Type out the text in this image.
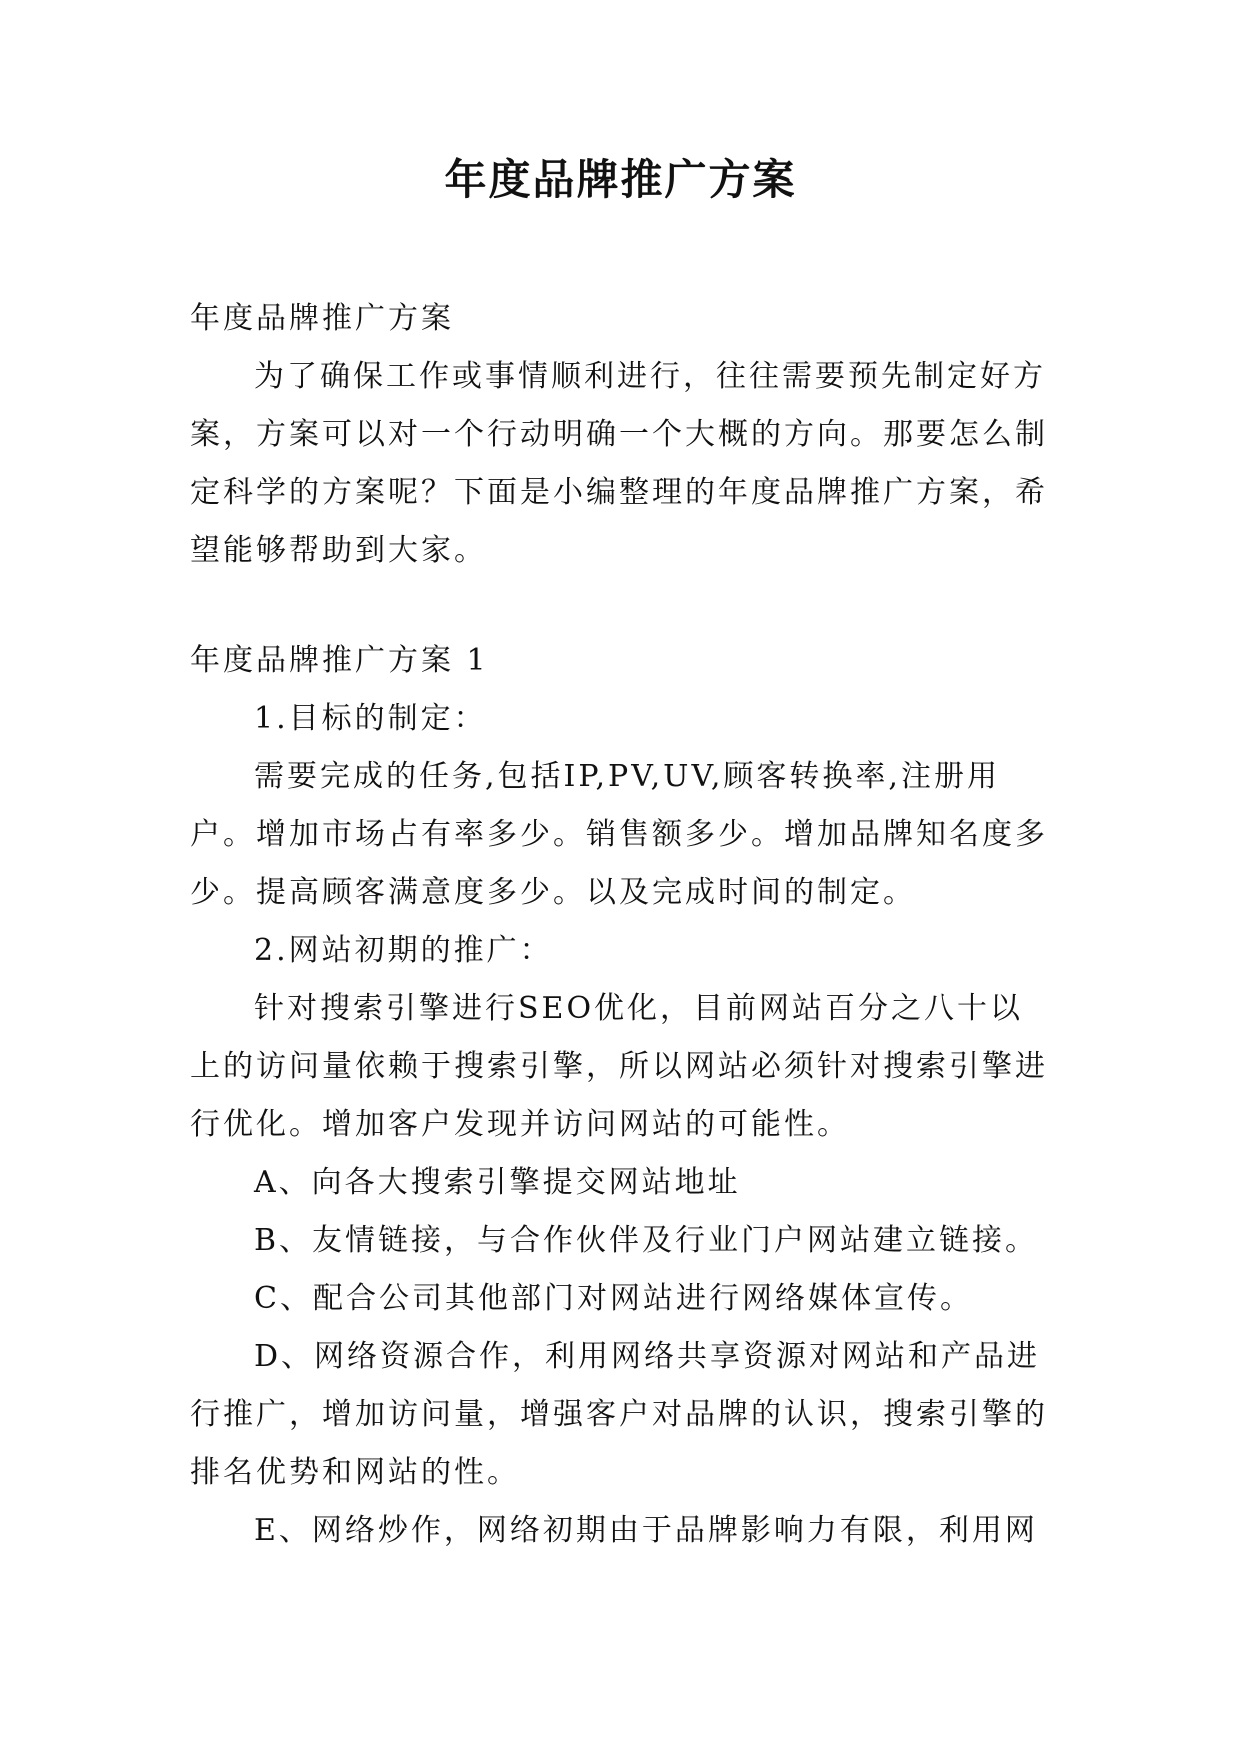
年度品牌推广方案

年度品牌推广方案

为了确保工作或事情顺利进行，往往需要预先制定好方案，方案可以对一个行动明确一个大概的方向。那要怎么制定科学的方案呢？下面是小编整理的年度品牌推广方案，希望能够帮助到大家。

年度品牌推广方案 1

1.目标的制定：

需要完成的任务,包括IP,PV,UV,顾客转换率,注册用户。增加市场占有率多少。销售额多少。增加品牌知名度多少。提高顾客满意度多少。以及完成时间的制定。

2.网站初期的推广：

针对搜索引擎进行SEO优化，目前网站百分之八十以上的访问量依赖于搜索引擎，所以网站必须针对搜索引擎进行优化。增加客户发现并访问网站的可能性。

A、向各大搜索引擎提交网站地址

B、友情链接，与合作伙伴及行业门户网站建立链接。

C、配合公司其他部门对网站进行网络媒体宣传。

D、网络资源合作，利用网络共享资源对网站和产品进行推广，增加访问量，增强客户对品牌的认识，搜索引擎的排名优势和网站的性。

E、网络炒作，网络初期由于品牌影响力有限，利用网
